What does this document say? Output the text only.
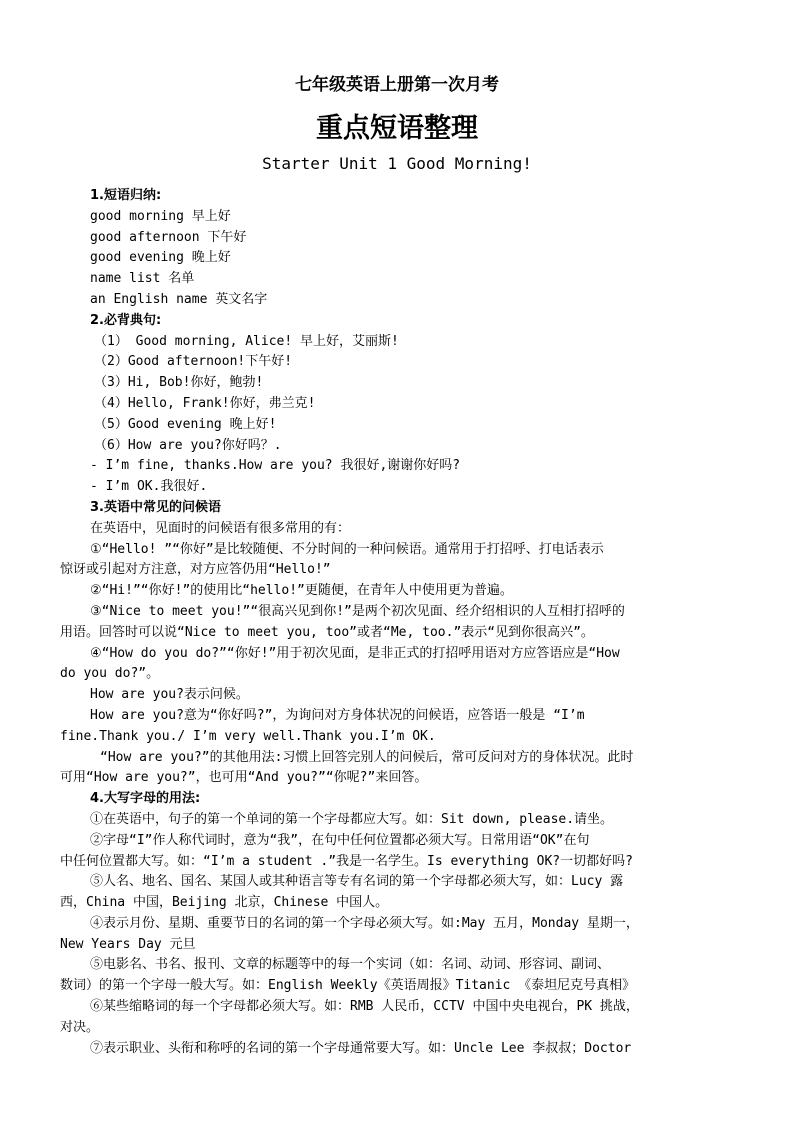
七年级英语上册第一次月考
重点短语整理
Starter Unit 1 Good Morning!

1.短语归纳:

good morning 早上好

good afternoon 下午好

good evening 晚上好

name list 名单

an English name 英文名字

2.必背典句:

（1） Good morning, Alice! 早上好，艾丽斯!

（2）Good afternoon!下午好!

（3）Hi, Bob!你好，鲍勃!

（4）Hello, Frank!你好，弗兰克!

（5）Good evening 晚上好!

（6）How are you?你好吗？.

- I’m fine, thanks.How are you? 我很好,谢谢你好吗?

- I’m OK.我很好.

3.英语中常见的问候语

在英语中，见面时的问候语有很多常用的有：

①“Hello! ”“你好”是比较随便、不分时间的一种问候语。通常用于打招呼、打电话表示

惊讶或引起对方注意，对方应答仍用“Hello!”

②“Hi!”“你好!”的使用比“hello!”更随便，在青年人中使用更为普遍。

③“Nice to meet you!”“很高兴见到你!”是两个初次见面、经介绍相识的人互相打招呼的

用语。回答时可以说“Nice to meet you, too”或者“Me, too.”表示“见到你很高兴”。

④“How do you do?”“你好!”用于初次见面，是非正式的打招呼用语对方应答语应是“How

do you do?”。

How are you?表示问候。

How are you?意为“你好吗?”，为询问对方身体状况的问候语，应答语一般是 “I’m

fine.Thank you./ I’m very well.Thank you.I’m OK.

“How are you?”的其他用法:习惯上回答完别人的问候后，常可反问对方的身体状况。此时

可用“How are you?”，也可用“And you?”“你呢?”来回答。

4.大写字母的用法:

①在英语中，句子的第一个单词的第一个字母都应大写。如：Sit down, please.请坐。

②字母“I”作人称代词时，意为“我”，在句中任何位置都必须大写。日常用语“OK”在句

中任何位置都大写。如：“I’m a student .”我是一名学生。Is everything OK?一切都好吗?

⑤人名、地名、国名、某国人或其种语言等专有名词的第一个字母都必须大写，如：Lucy 露

西，China 中国，Beijing 北京，Chinese 中国人。

④表示月份、星期、重要节日的名词的第一个字母必须大写。如:May 五月，Monday 星期一，

New Years Day 元旦

⑤电影名、书名、报刊、文章的标题等中的每一个实词（如：名词、动词、形容词、副词、

数词）的第一个字母一般大写。如：English Weekly《英语周报》Titanic 《泰坦尼克号真相》

⑥某些缩略词的每一个字母都必须大写。如：RMB 人民币，CCTV 中国中央电视台，PK 挑战，

对决。

⑦表示职业、头衔和称呼的名词的第一个字母通常要大写。如：Uncle Lee 李叔叔；Doctor
